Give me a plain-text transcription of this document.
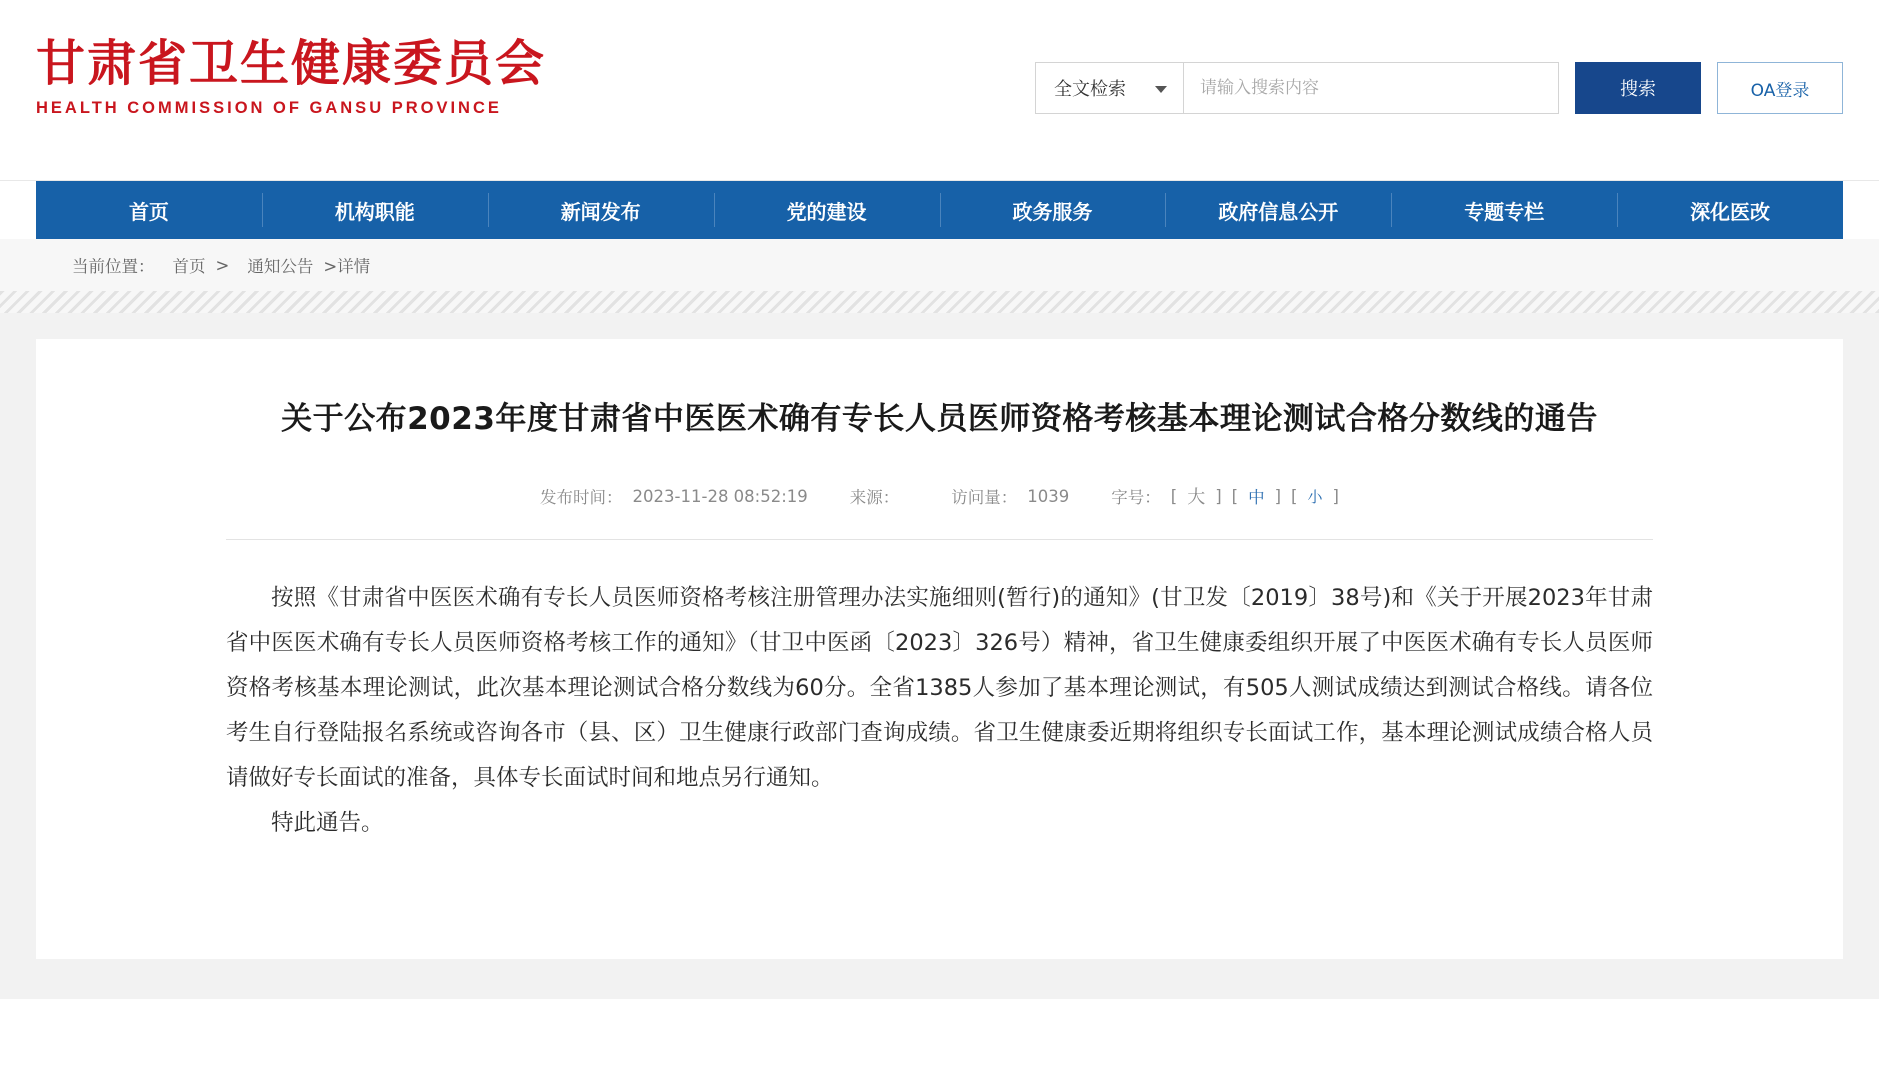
甘肃省卫生健康委员会
HEALTH COMMISSION OF GANSU PROVINCE
全文检索
请输入搜索内容	搜索	OA登录
首页	机构职能	新闻发布	党的建设	政务服务	政府信息公开	专题专栏	深化医改
当前位置： 首页 > 通知公告 >详情
关于公布2023年度甘肃省中医医术确有专长人员医师资格考核基本理论测试合格分数线的通告
发布时间： 2023-11-28 08:52:19	来源：	访问量： 1039	字号： [ 大 ] [ 中 ] [ 小 ]

按照《甘肃省中医医术确有专长人员医师资格考核注册管理办法实施细则(暂行)的通知》(甘卫发〔2019〕38号)和《关于开展2023年甘肃省中医医术确有专长人员医师资格考核工作的通知》（甘卫中医函〔2023〕326号）精神，省卫生健康委组织开展了中医医术确有专长人员医师资格考核基本理论测试，此次基本理论测试合格分数线为60分。全省1385人参加了基本理论测试，有505人测试成绩达到测试合格线。请各位考生自行登陆报名系统或咨询各市（县、区）卫生健康行政部门查询成绩。省卫生健康委近期将组织专长面试工作，基本理论测试成绩合格人员请做好专长面试的准备，具体专长面试时间和地点另行通知。

特此通告。
